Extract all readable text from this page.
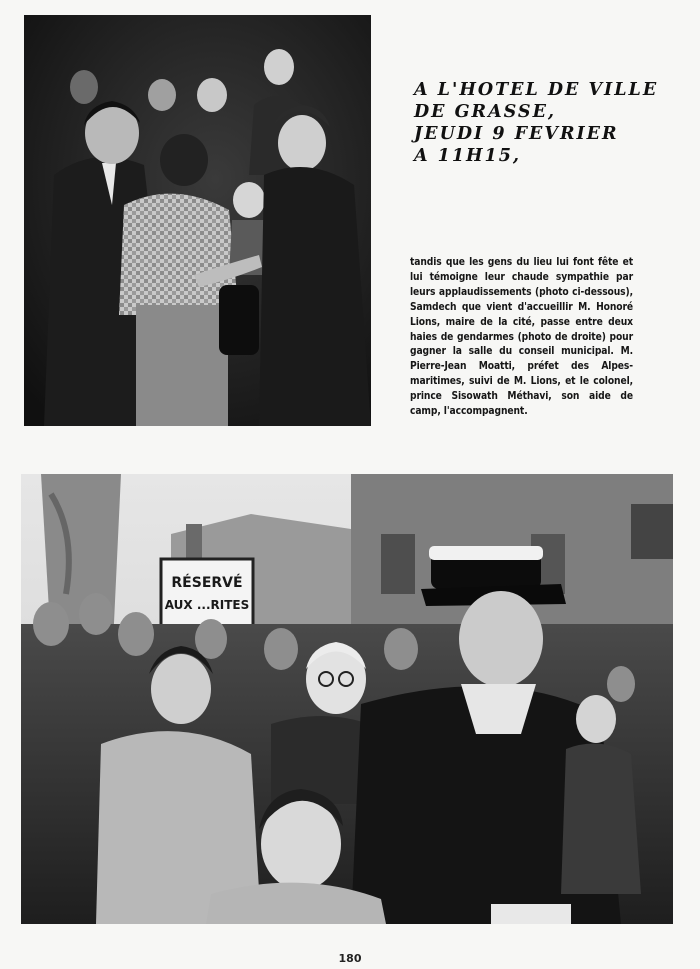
A L'HOTEL DE VILLE
DE GRASSE,
JEUDI 9 FEVRIER
A 11H15,
tandis que les gens du lieu lui font fête et lui témoigne leur chaude sympathie par leurs applaudissements (photo ci-dessous), Samdech que vient d'accueillir M. Honoré Lions, maire de la cité, passe entre deux haies de gendarmes (photo de droite) pour gagner la salle du conseil municipal. M. Pierre-Jean Moatti, préfet des Alpes-maritimes, suivi de M. Lions, et le colonel, prince Sisowath Méthavi, son aide de camp, l'accompagnent.
RÉSERVÉ
AUX ...RITES
180
